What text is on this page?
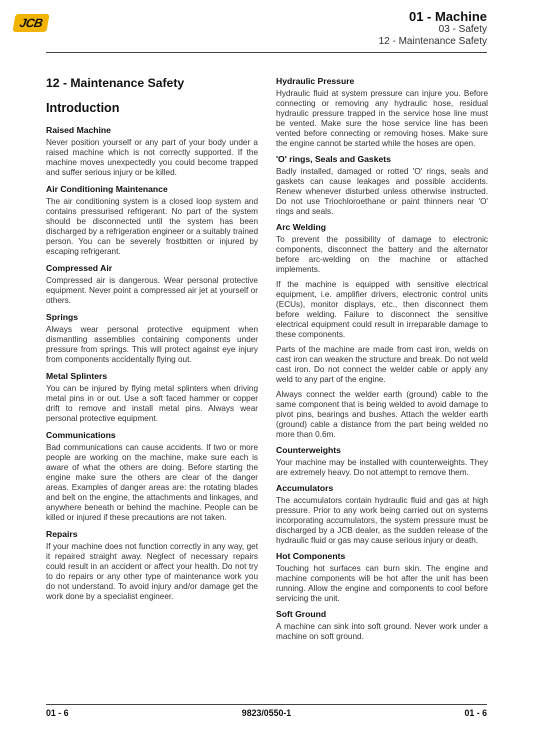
JCB	01 - Machine
03 - Safety
12 - Maintenance Safety
12 - Maintenance Safety
Introduction
Raised Machine

Never position yourself or any part of your body under a raised machine which is not correctly supported. If the machine moves unexpectedly you could become trapped and suffer serious injury or be killed.

Air Conditioning Maintenance

The air conditioning system is a closed loop system and contains pressurised refrigerant. No part of the system should be disconnected until the system has been discharged by a refrigeration engineer or a suitably trained person. You can be severely frostbitten or injured by escaping refrigerant.

Compressed Air

Compressed air is dangerous. Wear personal protective equipment. Never point a compressed air jet at yourself or others.

Springs

Always wear personal protective equipment when dismantling assemblies containing components under pressure from springs. This will protect against eye injury from components accidentally flying out.

Metal Splinters

You can be injured by flying metal splinters when driving metal pins in or out. Use a soft faced hammer or copper drift to remove and install metal pins. Always wear personal protective equipment.

Communications

Bad communications can cause accidents. If two or more people are working on the machine, make sure each is aware of what the others are doing. Before starting the engine make sure the others are clear of the danger areas. Examples of danger areas are: the rotating blades and belt on the engine, the attachments and linkages, and anywhere beneath or behind the machine. People can be killed or injured if these precautions are not taken.

Repairs

If your machine does not function correctly in any way, get it repaired straight away. Neglect of necessary repairs could result in an accident or affect your health. Do not try to do repairs or any other type of maintenance work you do not understand. To avoid injury and/or damage get the work done by a specialist engineer.

Hydraulic Pressure

Hydraulic fluid at system pressure can injure you. Before connecting or removing any hydraulic hose, residual hydraulic pressure trapped in the service hose line must be vented. Make sure the hose service line has been vented before connecting or removing hoses. Make sure the engine cannot be started while the hoses are open.

'O' rings, Seals and Gaskets

Badly installed, damaged or rotted 'O' rings, seals and gaskets can cause leakages and possible accidents. Renew whenever disturbed unless otherwise instructed. Do not use Triochloroethane or paint thinners near 'O' rings and seals.

Arc Welding

To prevent the possibility of damage to electronic components, disconnect the battery and the alternator before arc-welding on the machine or attached implements.

If the machine is equipped with sensitive electrical equipment, i.e. amplifier drivers, electronic control units (ECUs), monitor displays, etc., then disconnect them before welding. Failure to disconnect the sensitive electrical equipment could result in irreparable damage to these components.

Parts of the machine are made from cast iron, welds on cast iron can weaken the structure and break. Do not weld cast iron. Do not connect the welder cable or apply any weld to any part of the engine.

Always connect the welder earth (ground) cable to the same component that is being welded to avoid damage to pivot pins, bearings and bushes. Attach the welder earth (ground) cable a distance from the part being welded no more than 0.6m.

Counterweights

Your machine may be installed with counterweights. They are extremely heavy. Do not attempt to remove them.

Accumulators

The accumulators contain hydraulic fluid and gas at high pressure. Prior to any work being carried out on systems incorporating accumulators, the system pressure must be discharged by a JCB dealer, as the sudden release of the hydraulic fluid or gas may cause serious injury or death.

Hot Components

Touching hot surfaces can burn skin. The engine and machine components will be hot after the unit has been running. Allow the engine and components to cool before servicing the unit.

Soft Ground

A machine can sink into soft ground. Never work under a machine on soft ground.

01 - 6	9823/0550-1	01 - 6
